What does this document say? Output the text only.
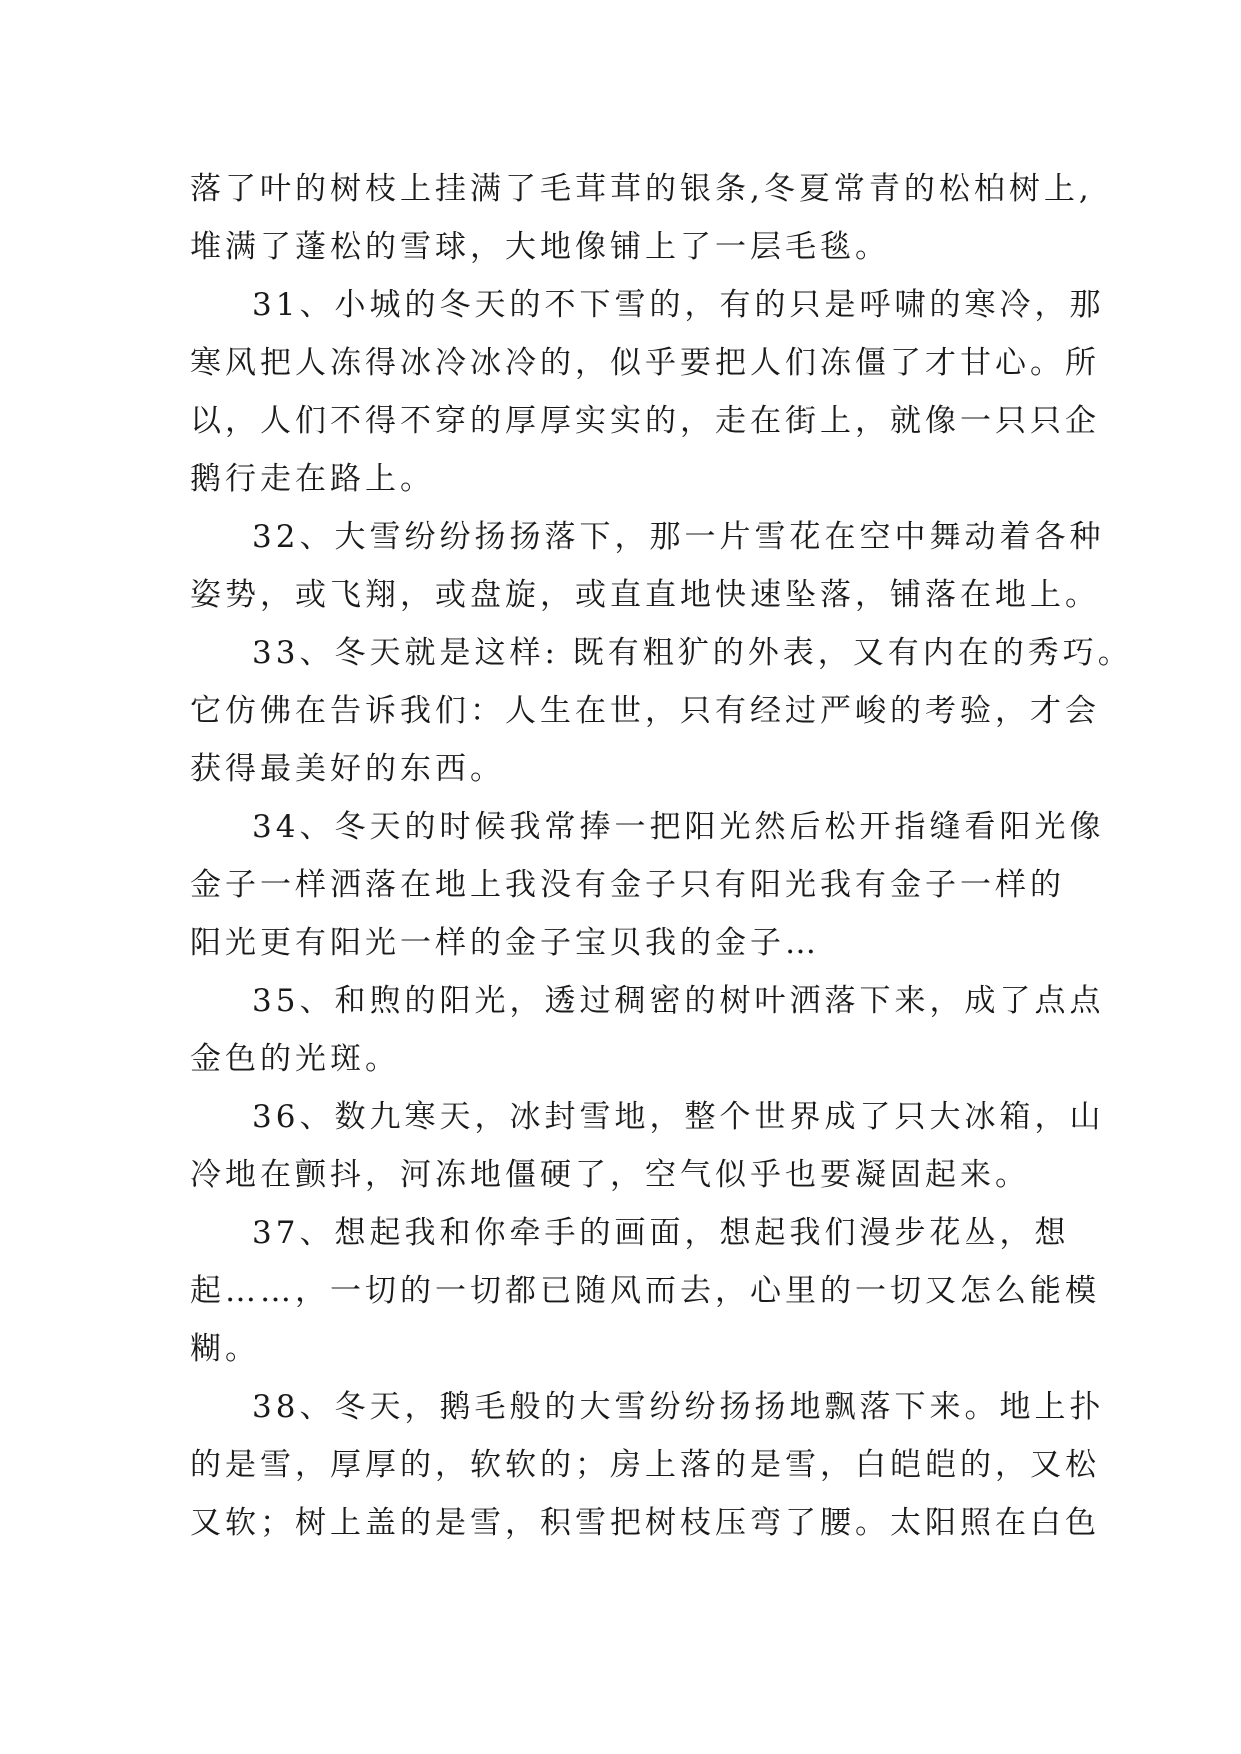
落了叶的树枝上挂满了毛茸茸的银条,冬夏常青的松柏树上,
堆满了蓬松的雪球，大地像铺上了一层毛毯。
31、小城的冬天的不下雪的，有的只是呼啸的寒冷，那
寒风把人冻得冰冷冰冷的，似乎要把人们冻僵了才甘心。所
以，人们不得不穿的厚厚实实的，走在街上，就像一只只企
鹅行走在路上。
32、大雪纷纷扬扬落下，那一片雪花在空中舞动着各种
姿势，或飞翔，或盘旋，或直直地快速坠落，铺落在地上。
33、冬天就是这样: 既有粗犷的外表，又有内在的秀巧。
它仿佛在告诉我们：人生在世，只有经过严峻的考验，才会
获得最美好的东西。
34、冬天的时候我常捧一把阳光然后松开指缝看阳光像
金子一样洒落在地上我没有金子只有阳光我有金子一样的
阳光更有阳光一样的金子宝贝我的金子…
35、和煦的阳光，透过稠密的树叶洒落下来，成了点点
金色的光斑。
36、数九寒天，冰封雪地，整个世界成了只大冰箱，山
冷地在颤抖，河冻地僵硬了，空气似乎也要凝固起来。
37、想起我和你牵手的画面，想起我们漫步花丛，想
起……，一切的一切都已随风而去，心里的一切又怎么能模
糊。
38、冬天，鹅毛般的大雪纷纷扬扬地飘落下来。地上扑
的是雪，厚厚的，软软的；房上落的是雪，白皑皑的，又松
又软；树上盖的是雪，积雪把树枝压弯了腰。太阳照在白色
